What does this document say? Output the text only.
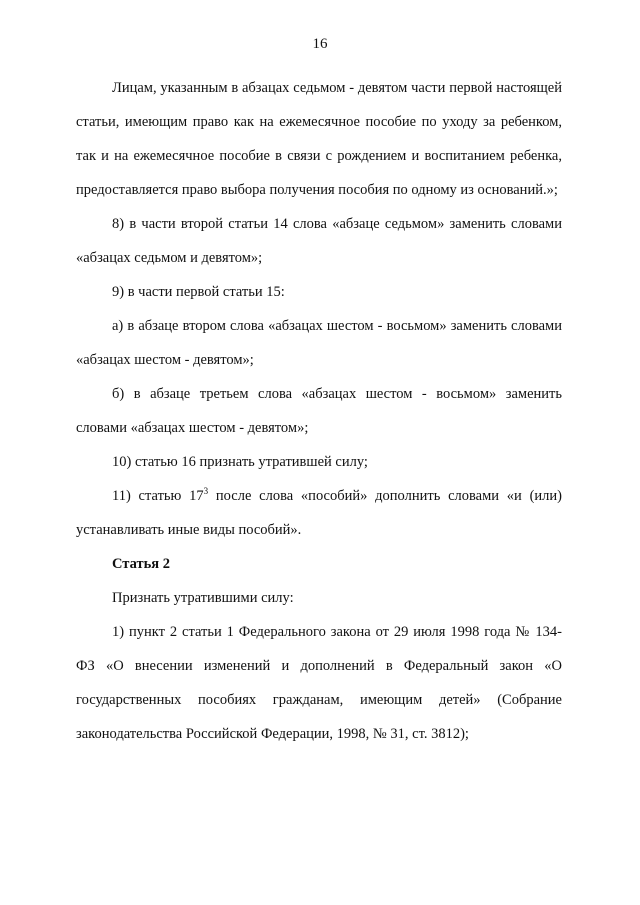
16

Лицам, указанным в абзацах седьмом - девятом части первой настоящей статьи, имеющим право как на ежемесячное пособие по уходу за ребенком, так и на ежемесячное пособие в связи с рождением и воспитанием ребенка, предоставляется право выбора получения пособия по одному из оснований.»;

8) в части второй статьи 14 слова «абзаце седьмом» заменить словами «абзацах седьмом и девятом»;

9) в части первой статьи 15:

а) в абзаце втором слова «абзацах шестом - восьмом» заменить словами «абзацах шестом - девятом»;

б) в абзаце третьем слова «абзацах шестом - восьмом» заменить словами «абзацах шестом - девятом»;

10) статью 16 признать утратившей силу;

11) статью $17^3$ после слова «пособий» дополнить словами «и (или) устанавливать иные виды пособий».

Статья 2

Признать утратившими силу:

1) пункт 2 статьи 1 Федерального закона от 29 июля 1998 года № 134-ФЗ «О внесении изменений и дополнений в Федеральный закон «О государственных пособиях гражданам, имеющим детей» (Собрание законодательства Российской Федерации, 1998, № 31, ст. 3812);
